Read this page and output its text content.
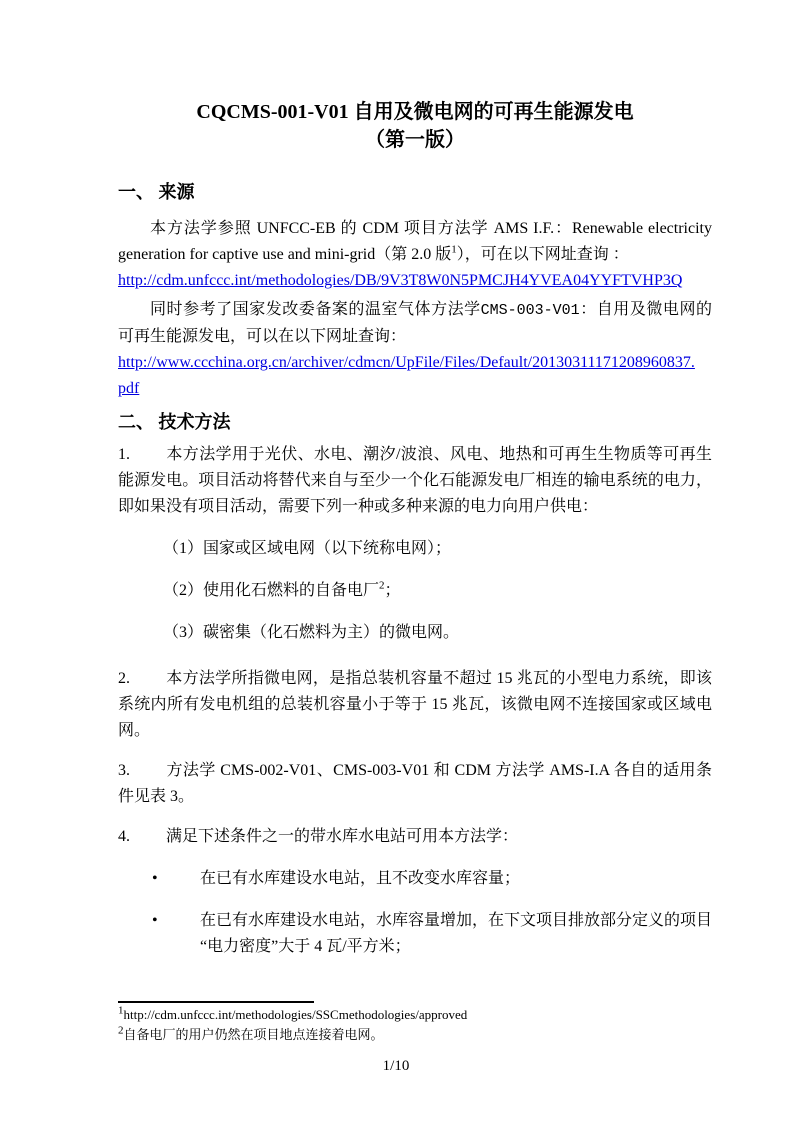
CQCMS-001-V01 自用及微电网的可再生能源发电
（第一版）
一、 来源

本方法学参照 UNFCC-EB 的 CDM 项目方法学 AMS I.F.：Renewable electricity generation for captive use and mini-grid（第 2.0 版$^1$），可在以下网址查询 ：

http://cdm.unfccc.int/methodologies/DB/9V3T8W0N5PMCJH4YVEA04YYFTVHP3Q

同时参考了国家发改委备案的温室气体方法学CMS-003-V01：自用及微电网的可再生能源发电，可以在以下网址查询：

http://www.ccchina.org.cn/archiver/cdmcn/UpFile/Files/Default/20130311171208960837.pdf
二、 技术方法

1. 本方法学用于光伏、水电、潮汐/波浪、风电、地热和可再生生物质等可再生能源发电。项目活动将替代来自与至少一个化石能源发电厂相连的输电系统的电力，即如果没有项目活动，需要下列一种或多种来源的电力向用户供电：

（1）国家或区域电网（以下统称电网）；

（2）使用化石燃料的自备电厂$^2$；

（3）碳密集（化石燃料为主）的微电网。

2. 本方法学所指微电网，是指总装机容量不超过 15 兆瓦的小型电力系统，即该系统内所有发电机组的总装机容量小于等于 15 兆瓦，该微电网不连接国家或区域电网。

3. 方法学 CMS-002-V01、CMS-003-V01 和 CDM 方法学 AMS-I.A 各自的适用条件见表 3。

4. 满足下述条件之一的带水库水电站可用本方法学：

•	在已有水库建设水电站，且不改变水库容量；
•	在已有水库建设水电站，水库容量增加，在下文项目排放部分定义的项目“电力密度”大于 4 瓦/平方米；
$^1$http://cdm.unfccc.int/methodologies/SSCmethodologies/approved
$^2$自备电厂的用户仍然在项目地点连接着电网。
1/10
